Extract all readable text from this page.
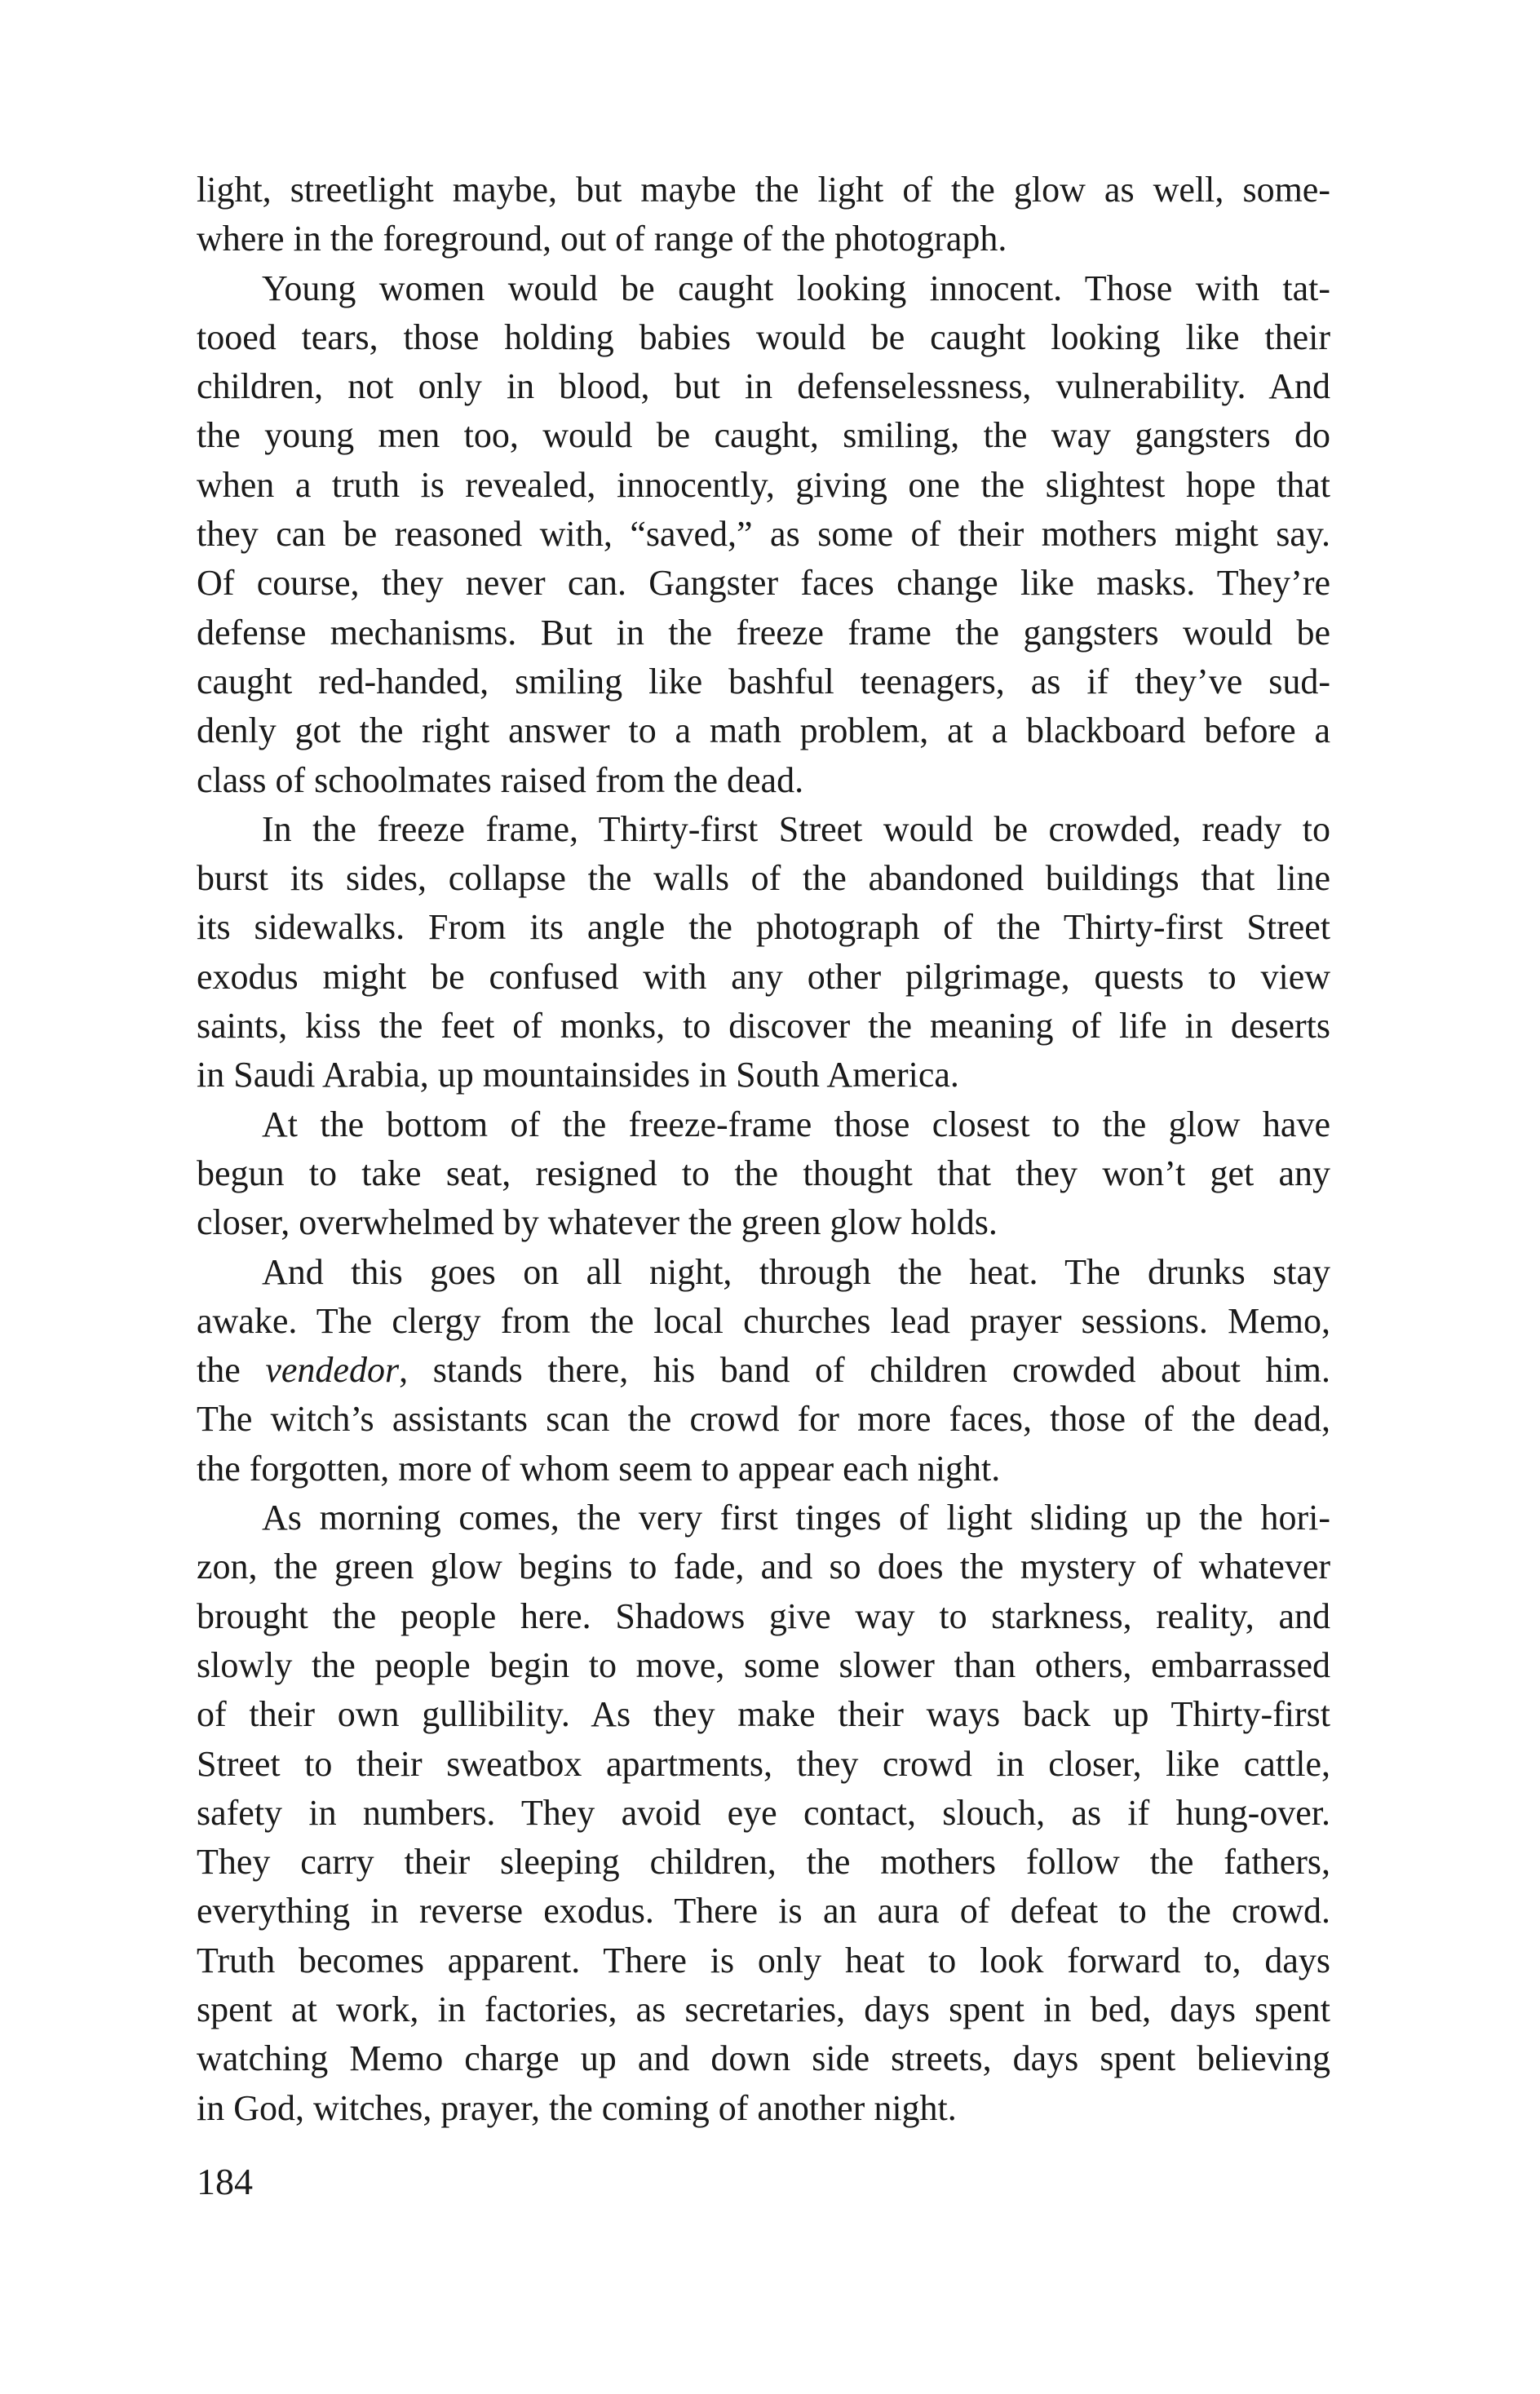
light, streetlight maybe, but maybe the light of the glow as well, some-
where in the foreground, out of range of the photograph.
Young women would be caught looking innocent. Those with tat-
tooed tears, those holding babies would be caught looking like their
children, not only in blood, but in defenselessness, vulnerability. And
the young men too, would be caught, smiling, the way gangsters do
when a truth is revealed, innocently, giving one the slightest hope that
they can be reasoned with, “saved,” as some of their mothers might say.
Of course, they never can. Gangster faces change like masks. They’re
defense mechanisms. But in the freeze frame the gangsters would be
caught red-handed, smiling like bashful teenagers, as if they’ve sud-
denly got the right answer to a math problem, at a blackboard before a
class of schoolmates raised from the dead.
In the freeze frame, Thirty-first Street would be crowded, ready to
burst its sides, collapse the walls of the abandoned buildings that line
its sidewalks. From its angle the photograph of the Thirty-first Street
exodus might be confused with any other pilgrimage, quests to view
saints, kiss the feet of monks, to discover the meaning of life in deserts
in Saudi Arabia, up mountainsides in South America.
At the bottom of the freeze-frame those closest to the glow have
begun to take seat, resigned to the thought that they won’t get any
closer, overwhelmed by whatever the green glow holds.
And this goes on all night, through the heat. The drunks stay
awake. The clergy from the local churches lead prayer sessions. Memo,
the vendedor, stands there, his band of children crowded about him.
The witch’s assistants scan the crowd for more faces, those of the dead,
the forgotten, more of whom seem to appear each night.
As morning comes, the very first tinges of light sliding up the hori-
zon, the green glow begins to fade, and so does the mystery of whatever
brought the people here. Shadows give way to starkness, reality, and
slowly the people begin to move, some slower than others, embarrassed
of their own gullibility. As they make their ways back up Thirty-first
Street to their sweatbox apartments, they crowd in closer, like cattle,
safety in numbers. They avoid eye contact, slouch, as if hung-over.
They carry their sleeping children, the mothers follow the fathers,
everything in reverse exodus. There is an aura of defeat to the crowd.
Truth becomes apparent. There is only heat to look forward to, days
spent at work, in factories, as secretaries, days spent in bed, days spent
watching Memo charge up and down side streets, days spent believing
in God, witches, prayer, the coming of another night.
184
